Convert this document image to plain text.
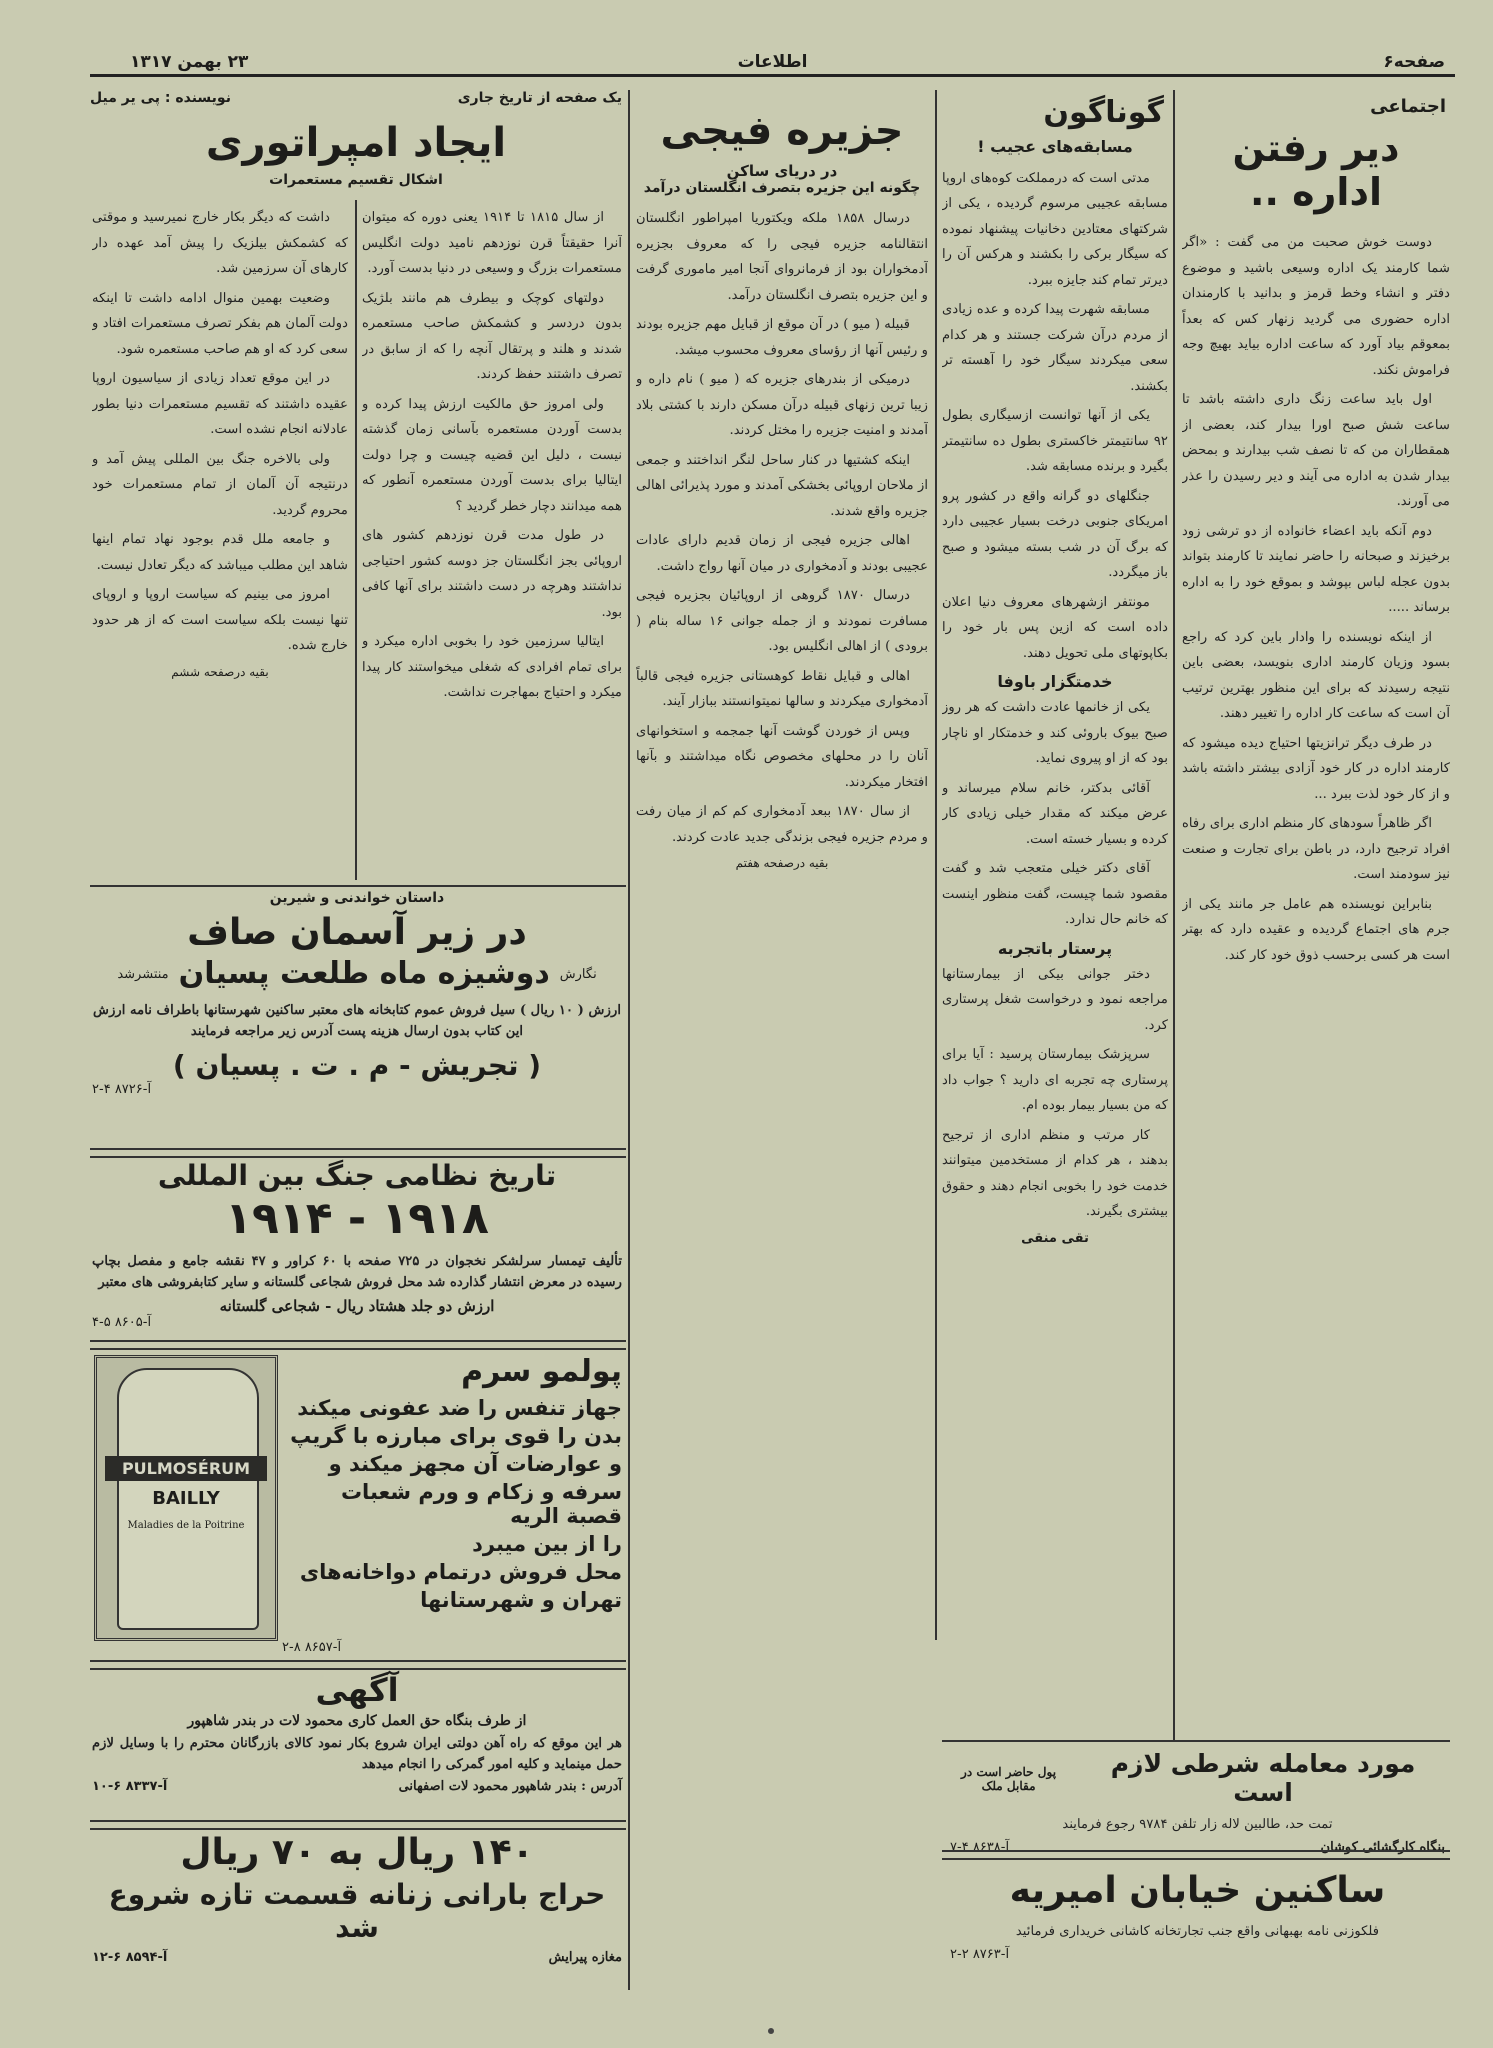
صفحه۶
اطلاعات
۲۳ بهمن ۱۳۱۷
اجتماعی
دیر رفتن اداره ..

دوست خوش صحبت من می گفت : «اگر شما کارمند یک اداره وسیعی باشید و موضوع دفتر و انشاء وخط قرمز و بدانید با کارمندان اداره حضوری می گردید زنهار کس که بعداً بمعوقم بیاد آورد که ساعت اداره بیاید بهیچ وجه فراموش نکند.

اول باید ساعت زنگ داری داشته باشد تا ساعت شش صبح اورا بیدار کند، بعضی از همقطاران من که تا نصف شب بیدارند و بمحض بیدار شدن به اداره می آیند و دیر رسیدن را عذر می آورند.

دوم آنکه باید اعضاء خانواده از دو ترشی زود برخیزند و صبحانه را حاضر نمایند تا کارمند بتواند بدون عجله لباس بپوشد و بموقع خود را به اداره برساند .....

از اینکه نویسنده را وادار باین کرد که راجع بسود وزیان کارمند اداری بنویسد، بعضی باین نتیجه رسیدند که برای این منظور بهترین ترتیب آن است که ساعت کار اداره را تغییر دهند.

در طرف دیگر ترانزیتها احتیاج دیده میشود که کارمند اداره در کار خود آزادی بیشتر داشته باشد و از کار خود لذت ببرد ...

اگر ظاهراً سودهای کار منظم اداری برای رفاه افراد ترجیح دارد، در باطن برای تجارت و صنعت نیز سودمند است.

بنابراین نویسنده هم عامل جر مانند یکی از جرم های اجتماع گردیده و عقیده دارد که بهتر است هر کسی برحسب ذوق خود کار کند.

گوناگون
مسابقه‌های عجیب !

مدتی است که درمملکت کوه‌های اروپا مسابقه عجیبی مرسوم گردیده ، یکی از شرکتهای معتادین دخانیات پیشنهاد نموده که سیگار برکی را بکشند و هرکس آن را دیرتر تمام کند جایزه ببرد.

مسابقه شهرت پیدا کرده و عده زیادی از مردم درآن شرکت جستند و هر کدام سعی میکردند سیگار خود را آهسته تر بکشند.

یکی از آنها توانست ازسیگاری بطول ۹۲ سانتیمتر خاکستری بطول ده سانتیمتر بگیرد و برنده مسابقه شد.

جنگلهای دو گرانه واقع در کشور پرو امریکای جنوبی درخت بسیار عجیبی دارد که برگ آن در شب بسته میشود و صبح باز میگردد.

مونتفر ازشهرهای معروف دنیا اعلان داده است که ازین پس بار خود را بکاپوتهای ملی تحویل دهند.

خدمتگزار باوفا

یکی از خانمها عادت داشت که هر روز صبح بیوک باروئی کند و خدمتکار او ناچار بود که از او پیروی نماید.

آقائی بدکتر، خانم سلام میرساند و عرض میکند که مقدار خیلی زیادی کار کرده و بسیار خسته است.

آقای دکتر خیلی متعجب شد و گفت مقصود شما چیست، گفت منظور اینست که خانم حال ندارد.

پرستار باتجربه

دختر جوانی بیکی از بیمارستانها مراجعه نمود و درخواست شغل پرستاری کرد.

سرپزشک بیمارستان پرسید : آیا برای پرستاری چه تجربه ای دارید ؟ جواب داد که من بسیار بیمار بوده ام.

کار مرتب و منظم اداری از ترجیح بدهند ، هر کدام از مستخدمین میتوانند خدمت خود را بخوبی انجام دهند و حقوق بیشتری بگیرند.

تقی منقی
مورد معامله شرطی لازم است
پول حاضر است در مقابل ملک
تمت حد، طالبین لاله زار تلفن ۹۷۸۴ رجوع فرمایند
بنگاه کارگشائی کوشان
آ-۸۶۳۸ ۴-۷
ساکنین خیابان امیریه
فلکوزنی نامه بهبهانی واقع جنب تجارتخانه کاشانی خریداری فرمائید
آ-۸۷۶۳ ۲-۲
جزیره فیجی
در دریای ساکن
چگونه این جزیره بتصرف انگلستان درآمد

درسال ۱۸۵۸ ملکه ویکتوریا امپراطور انگلستان انتقالنامه جزیره فیجی را که معروف بجزیره آدمخواران بود از فرمانروای آنجا امیر ماموری گرفت و این جزیره بتصرف انگلستان درآمد.

قبیله ( میو ) در آن موقع از قبایل مهم جزیره بودند و رئیس آنها از رؤسای معروف محسوب میشد.

درمیکی از بندرهای جزیره که ( میو ) نام داره و زیبا ترین زنهای قبیله درآن مسکن دارند با کشتی بلاد آمدند و امنیت جزیره را مختل کردند.

اینکه کشتیها در کنار ساحل لنگر انداختند و جمعی از ملاحان اروپائی بخشکی آمدند و مورد پذیرائی اهالی جزیره واقع شدند.

اهالی جزیره فیجی از زمان قدیم دارای عادات عجیبی بودند و آدمخواری در میان آنها رواج داشت.

درسال ۱۸۷۰ گروهی از اروپائیان بجزیره فیجی مسافرت نمودند و از جمله جوانی ۱۶ ساله بنام ( برودی ) از اهالی انگلیس بود.

اهالی و قبایل نقاط کوهستانی جزیره فیجی قالباً آدمخواری میکردند و سالها نمیتوانستند ببازار آیند.

وپس از خوردن گوشت آنها جمجمه و استخوانهای آنان را در محلهای مخصوص نگاه میداشتند و بآنها افتخار میکردند.

از سال ۱۸۷۰ ببعد آدمخواری کم کم از میان رفت و مردم جزیره فیجی بزندگی جدید عادت کردند.

بقیه درصفحه هفتم
یک صفحه از تاریخ جاری
نویسنده : پی یر میل
ایجاد امپراتوری
اشکال تقسیم مستعمرات

از سال ۱۸۱۵ تا ۱۹۱۴ یعنی دوره که میتوان آنرا حقیقتاً قرن نوزدهم نامید دولت انگلیس مستعمرات بزرگ و وسیعی در دنیا بدست آورد.

دولتهای کوچک و بیطرف هم مانند بلژیک بدون دردسر و کشمکش صاحب مستعمره شدند و هلند و پرتقال آنچه را که از سابق در تصرف داشتند حفظ کردند.

ولی امروز حق مالکیت ارزش پیدا کرده و بدست آوردن مستعمره بآسانی زمان گذشته نیست ، دلیل این قضیه چیست و چرا دولت ایتالیا برای بدست آوردن مستعمره آنطور که همه میدانند دچار خطر گردید ؟

در طول مدت قرن نوزدهم کشور های اروپائی بجز انگلستان جز دوسه کشور احتیاجی نداشتند وهرچه در دست داشتند برای آنها کافی بود.

ایتالیا سرزمین خود را بخوبی اداره میکرد و برای تمام افرادی که شغلی میخواستند کار پیدا میکرد و احتیاج بمهاجرت نداشت.

داشت که دیگر بکار خارج نمیرسید و موقتی که کشمکش بیلزیک را پیش آمد عهده دار کارهای آن سرزمین شد.

وضعیت بهمین منوال ادامه داشت تا اینکه دولت آلمان هم بفکر تصرف مستعمرات افتاد و سعی کرد که او هم صاحب مستعمره شود.

در این موقع تعداد زیادی از سیاسیون اروپا عقیده داشتند که تقسیم مستعمرات دنیا بطور عادلانه انجام نشده است.

ولی بالاخره جنگ بین المللی پیش آمد و درنتیجه آن آلمان از تمام مستعمرات خود محروم گردید.

و جامعه ملل قدم بوجود نهاد تمام اینها شاهد این مطلب میباشد که دیگر تعادل نیست.

امروز می بینیم که سیاست اروپا و اروپای تنها نیست بلکه سیاست است که از هر حدود خارج شده.

بقیه درصفحه ششم
داستان خواندنی و شیرین
در زیر آسمان صاف
نگارش
دوشیزه ماه طلعت پسیان
منتشرشد
ارزش ( ۱۰ ریال ) سیل فروش عموم کتابخانه های معتبر ساکنین شهرستانها باطراف نامه ارزش این کتاب بدون ارسال هزینه پست آدرس زیر مراجعه فرمایند
( تجریش - م . ت . پسیان )
آ-۸۷۲۶ ۴-۲
تاریخ نظامی جنگ بین المللی
۱۹۱۸ - ۱۹۱۴
تألیف تیمسار سرلشکر نخجوان در ۷۲۵ صفحه با ۶۰ کراور و ۴۷ نقشه جامع و مفصل بچاپ رسیده در معرض انتشار گذارده شد محل فروش شجاعی گلستانه و سایر کتابفروشی های معتبر
ارزش دو جلد هشتاد ریال - شجاعی گلستانه
آ-۸۶۰۵ ۵-۴
PULMOSÉRUM
BAILLY
Maladies de la Poitrine
پولمو سرم
جهاز تنفس را ضد عفونی میکند
بدن را قوی برای مبارزه با گریپ
و عوارضات آن مجهز میکند و
سرفه و زکام و ورم شعبات قصبة الریه
را از بین میبرد
محل فروش درتمام دواخانه‌های
تهران و شهرستانها
آ-۸۶۵۷ ۸-۲
آگهی
از طرف بنگاه حق العمل کاری محمود لات در بندر شاهپور
هر این موقع که راه آهن دولتی ایران شروع بکار نمود کالای بازرگانان محترم را با وسایل لازم حمل مینماید و کلیه امور گمرکی را انجام میدهد
آدرس : بندر شاهپور محمود لات اصفهانی
آ-۸۳۳۷ ۶-۱۰
۱۴۰ ریال به ۷۰ ریال
حراج بارانی زنانه قسمت تازه شروع شد
مغازه پیرایش
آ-۸۵۹۴ ۶-۱۲
